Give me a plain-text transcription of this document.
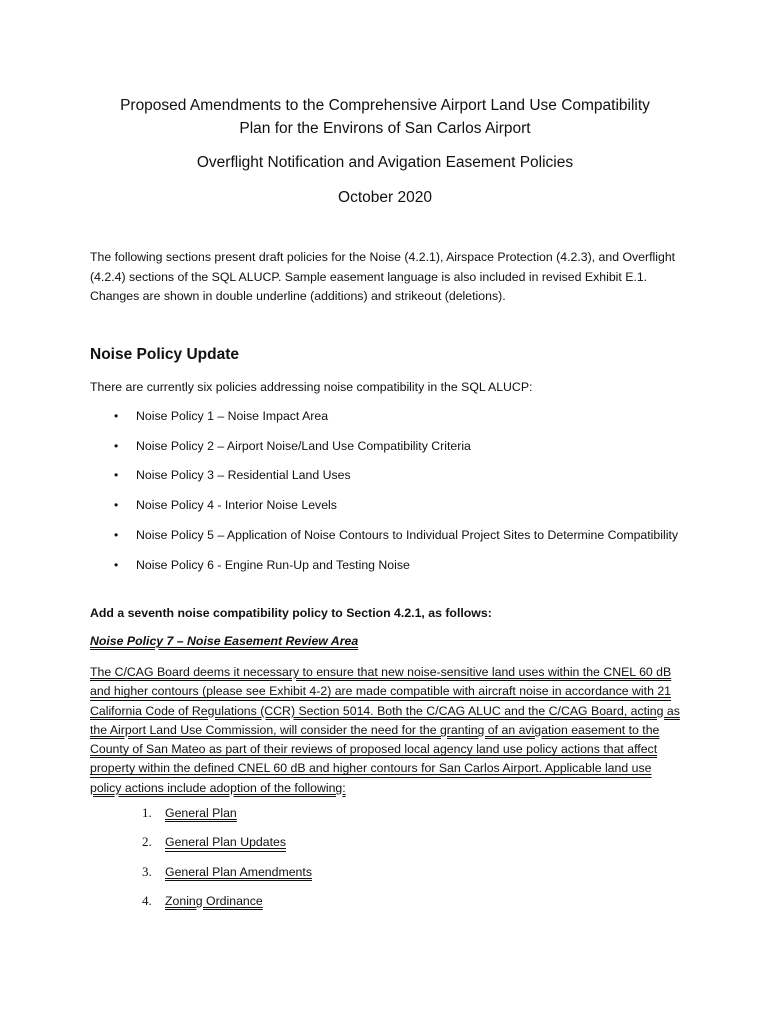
Proposed Amendments to the Comprehensive Airport Land Use Compatibility
Plan for the Environs of San Carlos Airport
Overflight Notification and Avigation Easement Policies
October 2020
The following sections present draft policies for the Noise (4.2.1), Airspace Protection (4.2.3), and Overflight (4.2.4) sections of the SQL ALUCP. Sample easement language is also included in revised Exhibit E.1. Changes are shown in double underline (additions) and strikeout (deletions).
Noise Policy Update
There are currently six policies addressing noise compatibility in the SQL ALUCP:
• Noise Policy 1 – Noise Impact Area
• Noise Policy 2 – Airport Noise/Land Use Compatibility Criteria
• Noise Policy 3 – Residential Land Uses
• Noise Policy 4 - Interior Noise Levels
• Noise Policy 5 – Application of Noise Contours to Individual Project Sites to Determine Compatibility
• Noise Policy 6 - Engine Run-Up and Testing Noise
Add a seventh noise compatibility policy to Section 4.2.1, as follows:
Noise Policy 7 – Noise Easement Review Area
The C/CAG Board deems it necessary to ensure that new noise-sensitive land uses within the CNEL 60 dB and higher contours (please see Exhibit 4-2) are made compatible with aircraft noise in accordance with 21 California Code of Regulations (CCR) Section 5014. Both the C/CAG ALUC and the C/CAG Board, acting as the Airport Land Use Commission, will consider the need for the granting of an avigation easement to the County of San Mateo as part of their reviews of proposed local agency land use policy actions that affect property within the defined CNEL 60 dB and higher contours for San Carlos Airport. Applicable land use policy actions include adoption of the following:
1. General Plan
2. General Plan Updates
3. General Plan Amendments
4. Zoning Ordinance
